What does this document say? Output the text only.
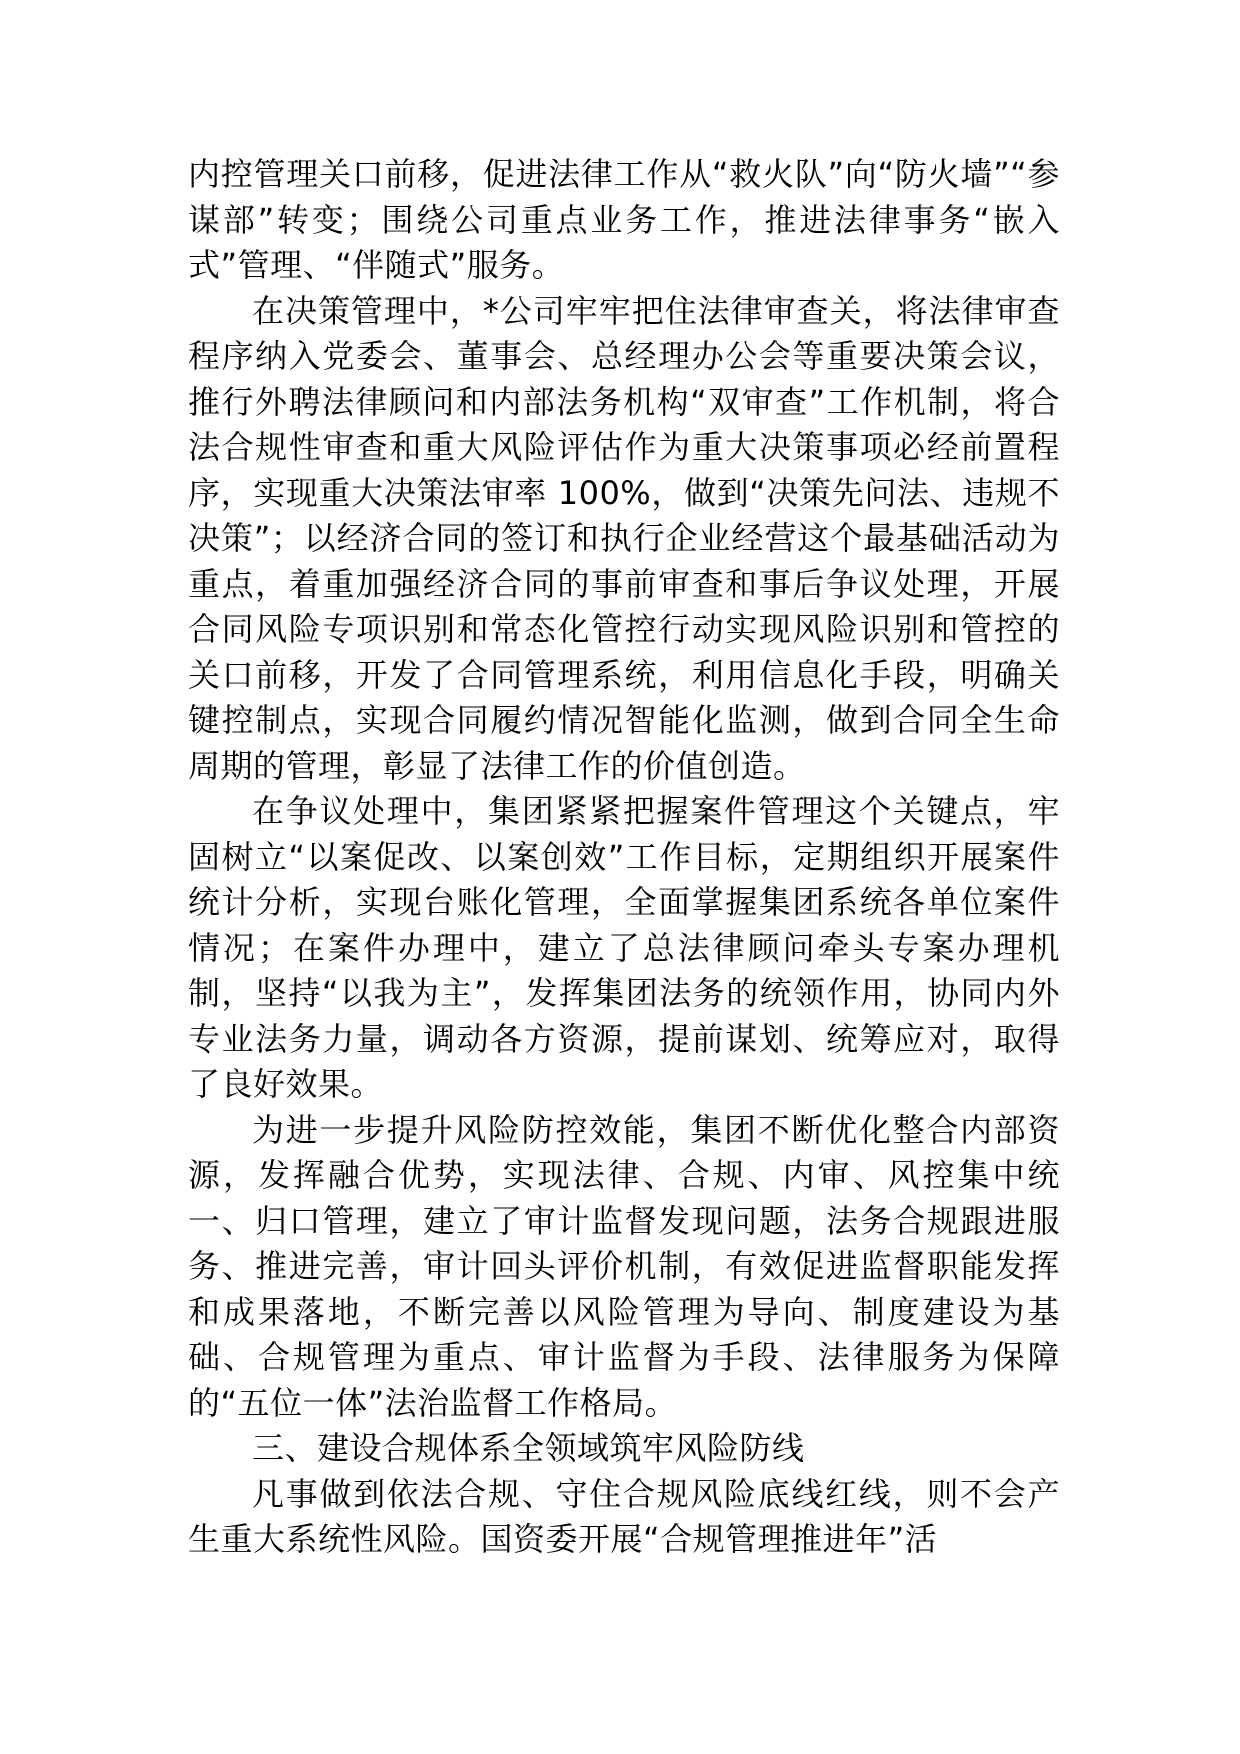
内控管理关口前移，促进法律工作从“救火队”向“防火墙”“参谋部”转变；围绕公司重点业务工作，推进法律事务“嵌入式”管理、“伴随式”服务。

在决策管理中，*公司牢牢把住法律审查关，将法律审查程序纳入党委会、董事会、总经理办公会等重要决策会议，推行外聘法律顾问和内部法务机构“双审查”工作机制，将合法合规性审查和重大风险评估作为重大决策事项必经前置程序，实现重大决策法审率 100%，做到“决策先问法、违规不决策”；以经济合同的签订和执行企业经营这个最基础活动为重点，着重加强经济合同的事前审查和事后争议处理，开展合同风险专项识别和常态化管控行动实现风险识别和管控的关口前移，开发了合同管理系统，利用信息化手段，明确关键控制点，实现合同履约情况智能化监测，做到合同全生命周期的管理，彰显了法律工作的价值创造。

在争议处理中，集团紧紧把握案件管理这个关键点，牢固树立“以案促改、以案创效”工作目标，定期组织开展案件统计分析，实现台账化管理，全面掌握集团系统各单位案件情况；在案件办理中，建立了总法律顾问牵头专案办理机制，坚持“以我为主”，发挥集团法务的统领作用，协同内外专业法务力量，调动各方资源，提前谋划、统筹应对，取得了良好效果。

为进一步提升风险防控效能，集团不断优化整合内部资源，发挥融合优势，实现法律、合规、内审、风控集中统一、归口管理，建立了审计监督发现问题，法务合规跟进服务、推进完善，审计回头评价机制，有效促进监督职能发挥和成果落地，不断完善以风险管理为导向、制度建设为基础、合规管理为重点、审计监督为手段、法律服务为保障的“五位一体”法治监督工作格局。

三、建设合规体系全领域筑牢风险防线

凡事做到依法合规、守住合规风险底线红线，则不会产生重大系统性风险。国资委开展“合规管理推进年”活
